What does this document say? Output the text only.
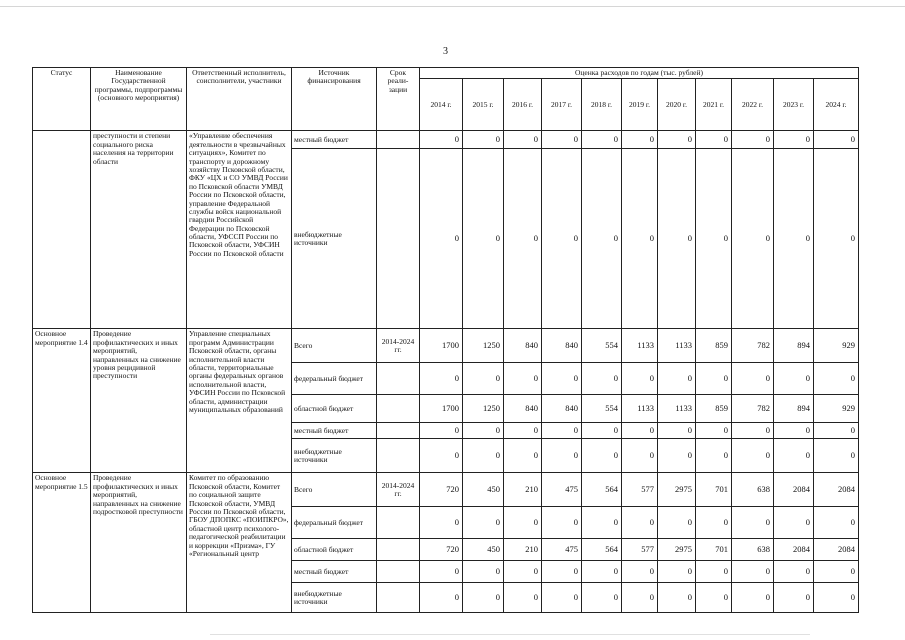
3
Статус	Наименование Государственной программы, подпрограммы (основного мероприятия)	Ответственный исполнитель, соисполнители, участники	Источник финансирования	Срок реали-зации	Оценка расходов по годам (тыс. рублей)										
					2014 г.	2015 г.	2016 г.	2017 г.	2018 г.	2019 г.	2020 г.	2021 г.	2022 г.	2023 г.	2024 г.
	преступности и степени социального риска населения на территории области	«Управление обеспечения деятельности в чрезвычайных ситуациях», Комитет по транспорту и дорожному хозяйству Псковской области, ФКУ «ЦХ и СО УМВД России по Псковской области УМВД России по Псковской области, управление Федеральной службы войск национальной гвардии Российской Федерации по Псковской области, УФССП России по Псковской области, УФСИН России по Псковской области	местный бюджет		0	0	0	0	0	0	0	0	0	0	0
			внебюджетные источники		0	0	0	0	0	0	0	0	0	0	0
Основное мероприятие 1.4	Проведение профилактических и иных мероприятий, направленных на снижение уровня рецидивной преступности	Управление специальных программ Администрации Псковской области, органы исполнительной власти области, территориальные органы федеральных органов исполнительной власти, УФСИН России по Псковской области, администрации муниципальных образований	Всего	2014-2024 гг.	1700	1250	840	840	554	1133	1133	859	782	894	929
			федеральный бюджет		0	0	0	0	0	0	0	0	0	0	0
			областной бюджет		1700	1250	840	840	554	1133	1133	859	782	894	929
			местный бюджет		0	0	0	0	0	0	0	0	0	0	0
			внебюджетные источники		0	0	0	0	0	0	0	0	0	0	0
Основное мероприятие 1.5	Проведение профилактических и иных мероприятий, направленных на снижение подростковой преступности	Комитет по образованию Псковской области, Комитет по социальной защите Псковской области, УМВД России по Псковской области, ГБОУ ДПОПКС «ПОИПКРО», областной центр психолого-педагогической реабилитации и коррекции «Призма», ГУ «Региональный центр	Всего	2014-2024 гг.	720	450	210	475	564	577	2975	701	638	2084	2084
			федеральный бюджет		0	0	0	0	0	0	0	0	0	0	0
			областной бюджет		720	450	210	475	564	577	2975	701	638	2084	2084
			местный бюджет		0	0	0	0	0	0	0	0	0	0	0
			внебюджетные источники		0	0	0	0	0	0	0	0	0	0	0
